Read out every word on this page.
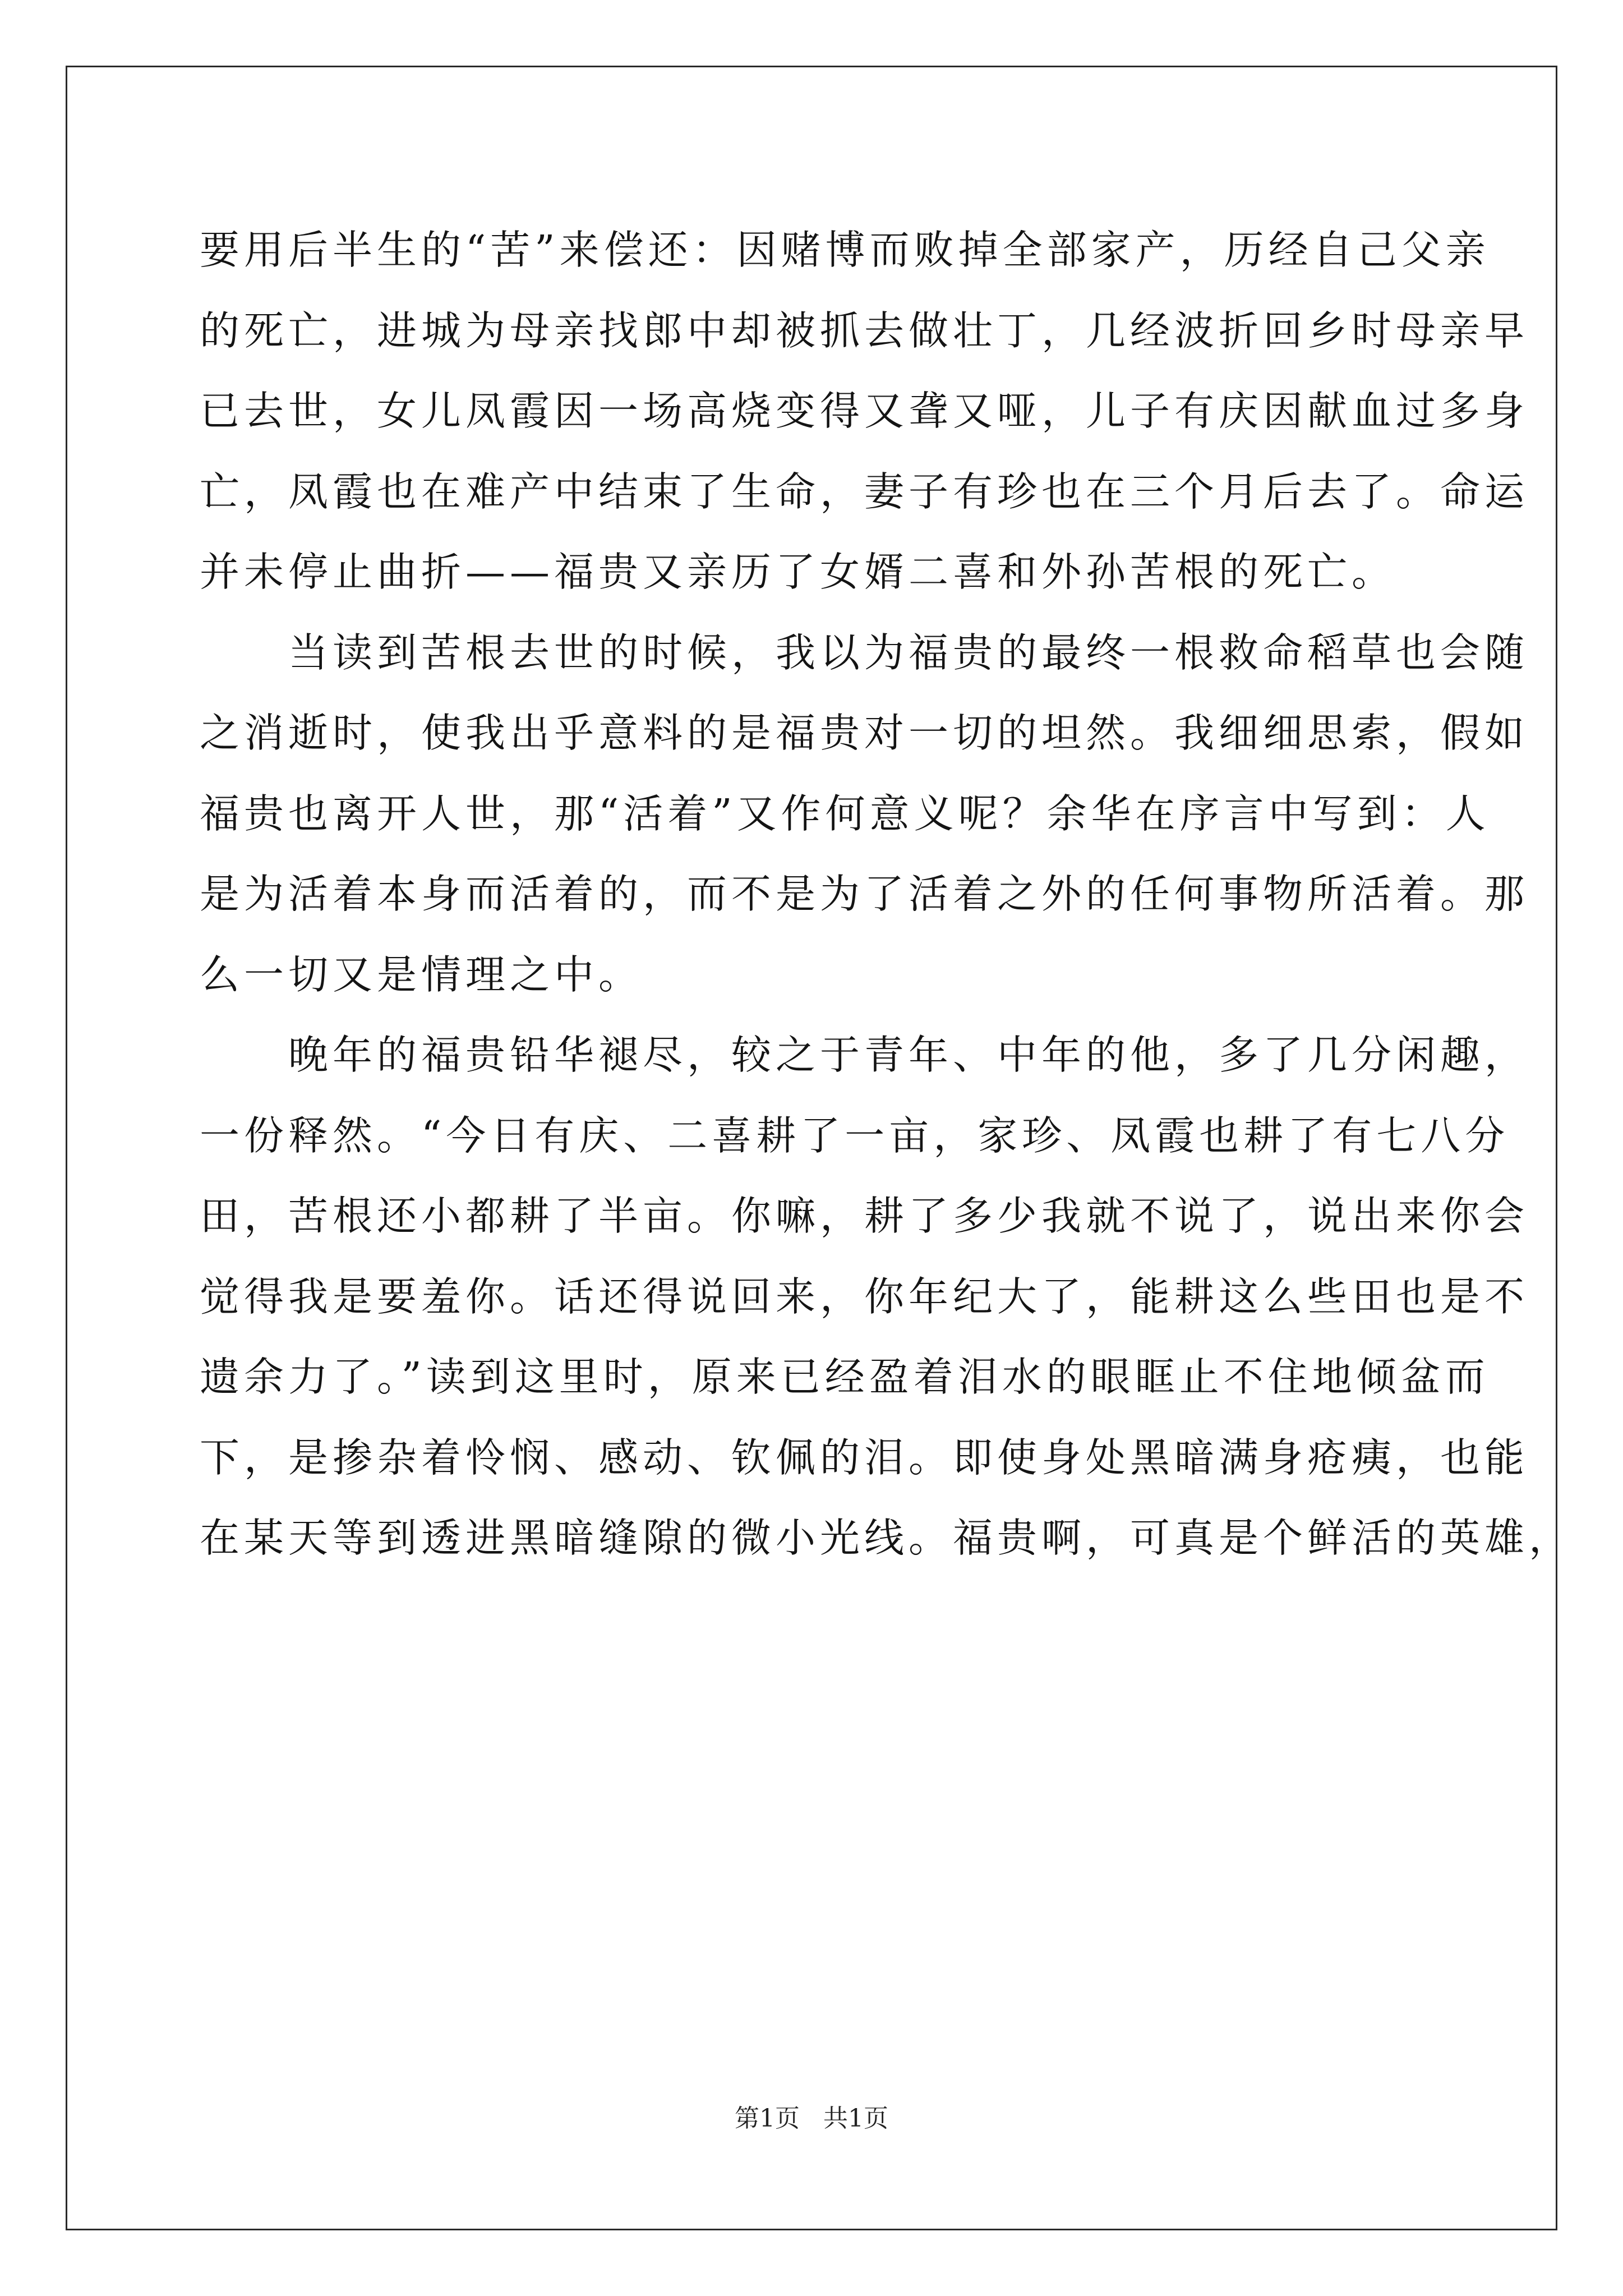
要用后半生的“苦”来偿还：因赌博而败掉全部家产，历经自己父亲
的死亡，进城为母亲找郎中却被抓去做壮丁，几经波折回乡时母亲早
已去世，女儿凤霞因一场高烧变得又聋又哑，儿子有庆因献血过多身
亡，凤霞也在难产中结束了生命，妻子有珍也在三个月后去了。命运
并未停止曲折——福贵又亲历了女婿二喜和外孙苦根的死亡。
当读到苦根去世的时候，我以为福贵的最终一根救命稻草也会随
之消逝时，使我出乎意料的是福贵对一切的坦然。我细细思索，假如
福贵也离开人世，那“活着”又作何意义呢？余华在序言中写到：人
是为活着本身而活着的，而不是为了活着之外的任何事物所活着。那
么一切又是情理之中。
晚年的福贵铅华褪尽，较之于青年、中年的他，多了几分闲趣，
一份释然。“今日有庆、二喜耕了一亩，家珍、凤霞也耕了有七八分
田，苦根还小都耕了半亩。你嘛，耕了多少我就不说了，说出来你会
觉得我是要羞你。话还得说回来，你年纪大了，能耕这么些田也是不
遗余力了。”读到这里时，原来已经盈着泪水的眼眶止不住地倾盆而
下，是掺杂着怜悯、感动、钦佩的泪。即使身处黑暗满身疮痍，也能
在某天等到透进黑暗缝隙的微小光线。福贵啊，可真是个鲜活的英雄，
第1页   共1页
